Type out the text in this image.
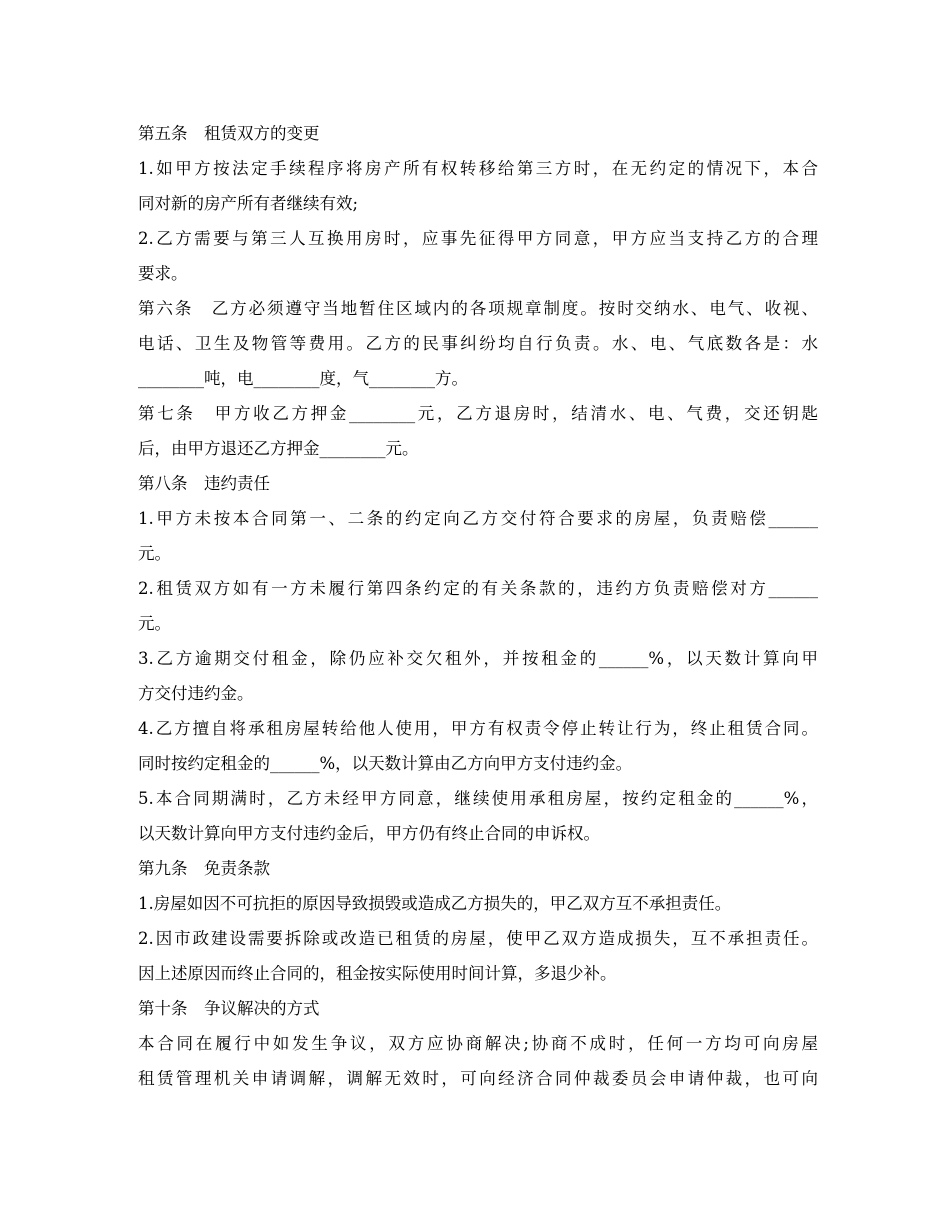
第五条　租赁双方的变更
1.如甲方按法定手续程序将房产所有权转移给第三方时，在无约定的情况下，本合
同对新的房产所有者继续有效;
2.乙方需要与第三人互换用房时，应事先征得甲方同意，甲方应当支持乙方的合理
要求。
第六条　乙方必须遵守当地暂住区域内的各项规章制度。按时交纳水、电气、收视、
电话、卫生及物管等费用。乙方的民事纠纷均自行负责。水、电、气底数各是：水
________吨，电________度，气________方。
第七条　甲方收乙方押金________元，乙方退房时，结清水、电、气费，交还钥匙
后，由甲方退还乙方押金________元。
第八条　违约责任
1.甲方未按本合同第一、二条的约定向乙方交付符合要求的房屋，负责赔偿______
元。
2.租赁双方如有一方未履行第四条约定的有关条款的，违约方负责赔偿对方______
元。
3.乙方逾期交付租金，除仍应补交欠租外，并按租金的______%，以天数计算向甲
方交付违约金。
4.乙方擅自将承租房屋转给他人使用，甲方有权责令停止转让行为，终止租赁合同。
同时按约定租金的______%，以天数计算由乙方向甲方支付违约金。
5.本合同期满时，乙方未经甲方同意，继续使用承租房屋，按约定租金的______%，
以天数计算向甲方支付违约金后，甲方仍有终止合同的申诉权。
第九条　免责条款
1.房屋如因不可抗拒的原因导致损毁或造成乙方损失的，甲乙双方互不承担责任。
2.因市政建设需要拆除或改造已租赁的房屋，使甲乙双方造成损失，互不承担责任。
因上述原因而终止合同的，租金按实际使用时间计算，多退少补。
第十条　争议解决的方式
本合同在履行中如发生争议，双方应协商解决;协商不成时，任何一方均可向房屋
租赁管理机关申请调解，调解无效时，可向经济合同仲裁委员会申请仲裁，也可向
